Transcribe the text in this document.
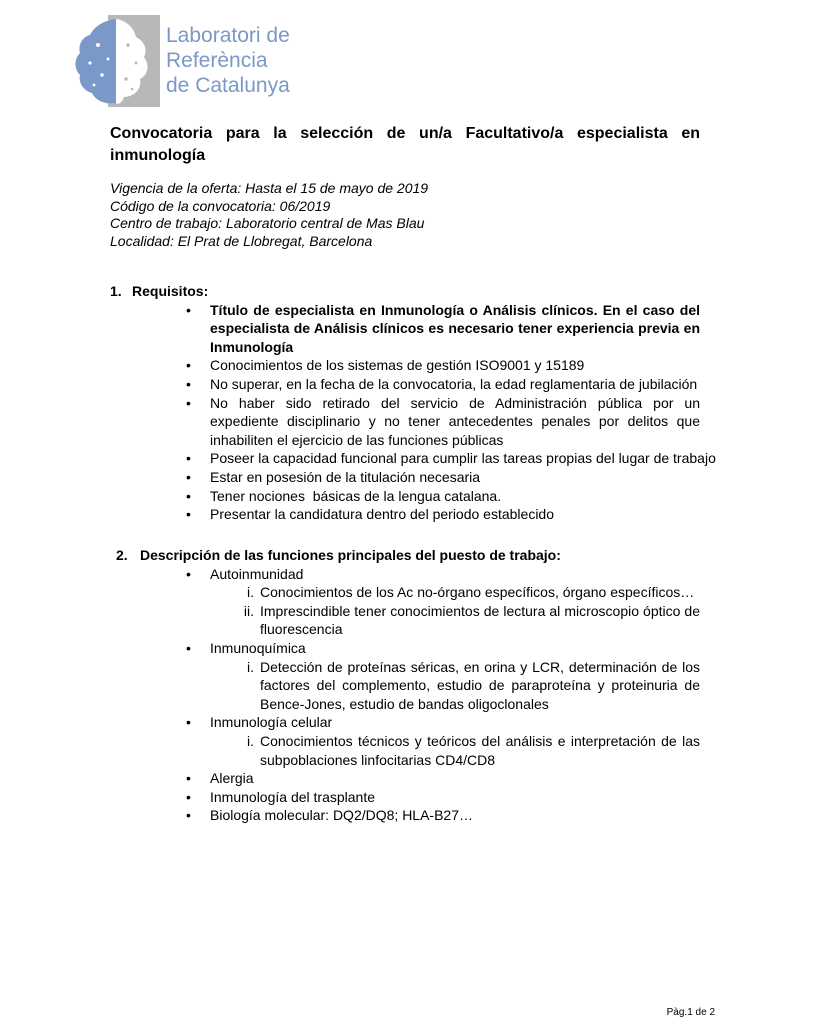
Laboratori de
Referència
de Catalunya
Convocatoria para la selección de un/a Facultativo/a especialista en inmunología
Vigencia de la oferta: Hasta el 15 de mayo de 2019
Código de la convocatoria: 06/2019
Centro de trabajo: Laboratorio central de Mas Blau
Localidad: El Prat de Llobregat, Barcelona
1. Requisitos:
• Título de especialista en Inmunología o Análisis clínicos. En el caso del especialista de Análisis clínicos es necesario tener experiencia previa en Inmunología
• Conocimientos de los sistemas de gestión ISO9001 y 15189
• No superar, en la fecha de la convocatoria, la edad reglamentaria de jubilación
• No haber sido retirado del servicio de Administración pública por un expediente disciplinario y no tener antecedentes penales por delitos que inhabiliten el ejercicio de las funciones públicas
• Poseer la capacidad funcional para cumplir las tareas propias del lugar de trabajo
• Estar en posesión de la titulación necesaria
• Tener nociones  básicas de la lengua catalana.
• Presentar la candidatura dentro del periodo establecido
2. Descripción de las funciones principales del puesto de trabajo:
• Autoinmunidad
i. Conocimientos de los Ac no-órgano específicos, órgano específicos…
ii. Imprescindible tener conocimientos de lectura al microscopio óptico de fluorescencia
• Inmunoquímica
i. Detección de proteínas séricas, en orina y LCR, determinación de los factores del complemento, estudio de paraproteína y proteinuria de Bence-Jones, estudio de bandas oligoclonales
• Inmunología celular
i. Conocimientos técnicos y teóricos del análisis e interpretación de las subpoblaciones linfocitarias CD4/CD8
• Alergia
• Inmunología del trasplante
• Biología molecular: DQ2/DQ8; HLA-B27…
Pàg.1 de 2
